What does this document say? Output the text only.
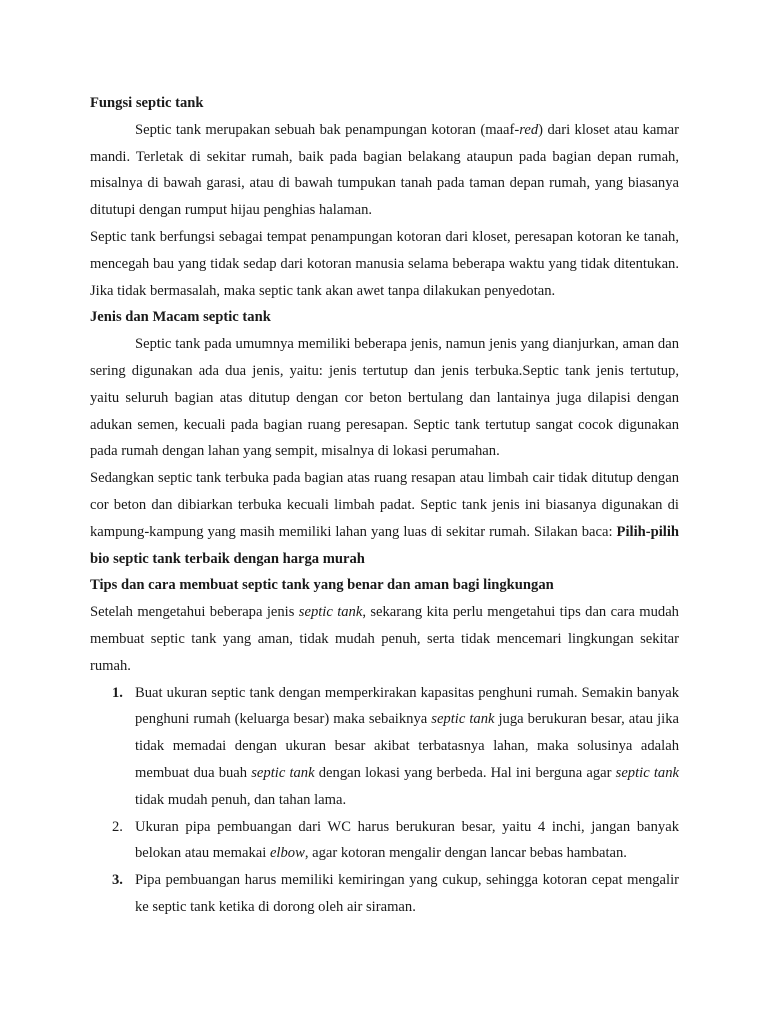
Fungsi septic tank

Septic tank merupakan sebuah bak penampungan kotoran (maaf-red) dari kloset atau kamar mandi. Terletak di sekitar rumah, baik pada bagian belakang ataupun pada bagian depan rumah, misalnya di bawah garasi, atau di bawah tumpukan tanah pada taman depan rumah, yang biasanya ditutupi dengan rumput hijau penghias halaman.

Septic tank berfungsi sebagai tempat penampungan kotoran dari kloset, peresapan kotoran ke tanah, mencegah bau yang tidak sedap dari kotoran manusia selama beberapa waktu yang tidak ditentukan. Jika tidak bermasalah, maka septic tank akan awet tanpa dilakukan penyedotan.

Jenis dan Macam septic tank

Septic tank pada umumnya memiliki beberapa jenis, namun jenis yang dianjurkan, aman dan sering digunakan ada dua jenis, yaitu: jenis tertutup dan jenis terbuka.Septic tank jenis tertutup, yaitu seluruh bagian atas ditutup dengan cor beton bertulang dan lantainya juga dilapisi dengan adukan semen, kecuali pada bagian ruang peresapan. Septic tank tertutup sangat cocok digunakan pada rumah dengan lahan yang sempit, misalnya di lokasi perumahan.

Sedangkan septic tank terbuka pada bagian atas ruang resapan atau limbah cair tidak ditutup dengan cor beton dan dibiarkan terbuka kecuali limbah padat. Septic tank jenis ini biasanya digunakan di kampung-kampung yang masih memiliki lahan yang luas di sekitar rumah. Silakan baca: Pilih-pilih bio septic tank terbaik dengan harga murah

Tips dan cara membuat septic tank yang benar dan aman bagi lingkungan

Setelah mengetahui beberapa jenis septic tank, sekarang kita perlu mengetahui tips dan cara mudah membuat septic tank yang aman, tidak mudah penuh, serta tidak mencemari lingkungan sekitar rumah.

1. Buat ukuran septic tank dengan memperkirakan kapasitas penghuni rumah. Semakin banyak penghuni rumah (keluarga besar) maka sebaiknya septic tank juga berukuran besar, atau jika tidak memadai dengan ukuran besar akibat terbatasnya lahan, maka solusinya adalah membuat dua buah septic tank dengan lokasi yang berbeda. Hal ini berguna agar septic tank tidak mudah penuh, dan tahan lama.
2. Ukuran pipa pembuangan dari WC harus berukuran besar, yaitu 4 inchi, jangan banyak belokan atau memakai elbow, agar kotoran mengalir dengan lancar bebas hambatan.
3. Pipa pembuangan harus memiliki kemiringan yang cukup, sehingga kotoran cepat mengalir ke septic tank ketika di dorong oleh air siraman.
